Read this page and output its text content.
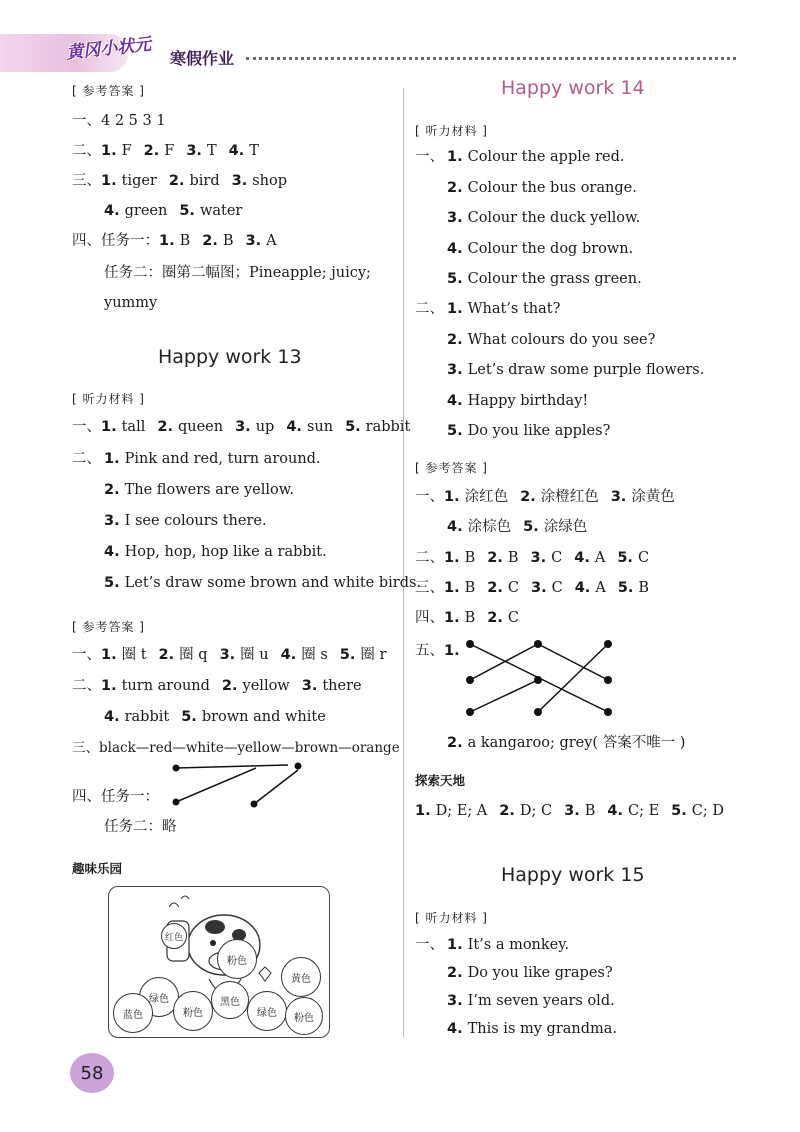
黄冈小状元 寒假作业
[ 参考答案 ]
一、4 2 5 3 1
二、1. F 2. F 3. T 4. T
三、1. tiger 2. bird 3. shop
4. green 5. water
四、任务一：1. B 2. B 3. A
任务二：圈第二幅图；Pineapple; juicy;
yummy
Happy work 13
[ 听力材料 ]
一、1. tall 2. queen 3. up 4. sun 5. rabbit
二、 1. Pink and red, turn around.
2. The flowers are yellow.
3. I see colours there.
4. Hop, hop, hop like a rabbit.
5. Let’s draw some brown and white birds.
[ 参考答案 ]
一、1. 圈 t 2. 圈 q 3. 圈 u 4. 圈 s 5. 圈 r
二、1. turn around 2. yellow 3. there
4. rabbit 5. brown and white
三、black—red—white—yellow—brown—orange
四、任务一：
任务二：略
趣味乐园
红色
粉色
黄色
绿色
蓝色	粉色
黑色
绿色	粉色
Happy work 14
[ 听力材料 ]
一、 1. Colour the apple red.
2. Colour the bus orange.
3. Colour the duck yellow.
4. Colour the dog brown.
5. Colour the grass green.
二、 1. What’s that?
2. What colours do you see?
3. Let’s draw some purple flowers.
4. Happy birthday!
5. Do you like apples?
[ 参考答案 ]
一、1. 涂红色 2. 涂橙红色 3. 涂黄色
4. 涂棕色 5. 涂绿色
二、1. B 2. B 3. C 4. A 5. C
三、1. B 2. C 3. C 4. A 5. B
四、1. B 2. C
五、1.
2. a kangaroo; grey( 答案不唯一 )
探索天地
1. D; E; A 2. D; C 3. B 4. C; E 5. C; D
Happy work 15
[ 听力材料 ]
一、 1. It’s a monkey.
2. Do you like grapes?
3. I’m seven years old.
4. This is my grandma.
58
